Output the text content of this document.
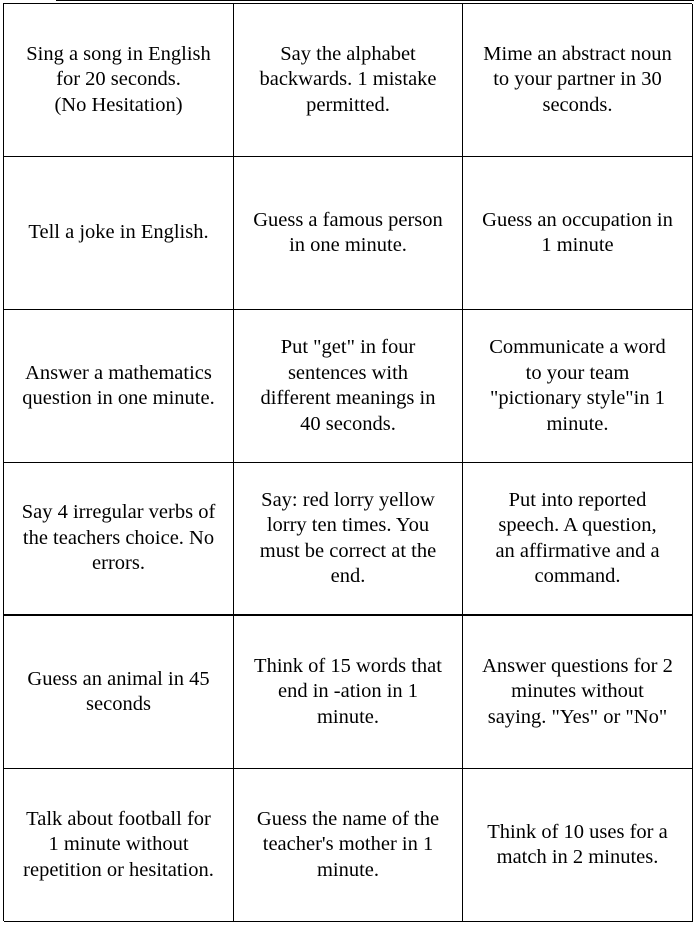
Sing a song in English
for 20 seconds.
(No Hesitation)
Say the alphabet
backwards. 1 mistake
permitted.
Mime an abstract noun
to your partner in 30
seconds.
Tell a joke in English.
Guess a famous person
in one minute.
Guess an occupation in
1 minute
Answer a mathematics
question in one minute.
Put "get" in four
sentences with
different meanings in
40 seconds.
Communicate a word
to your team
"pictionary style"in 1
minute.
Say 4 irregular verbs of
the teachers choice. No
errors.
Say: red lorry yellow
lorry ten times. You
must be correct at the
end.
Put into reported
speech. A question,
an affirmative and a
command.
Guess an animal in 45
seconds
Think of 15 words that
end in -ation in 1
minute.
Answer questions for 2
minutes without
saying. "Yes" or "No"
Talk about football for
1 minute without
repetition or hesitation.
Guess the name of the
teacher's mother in 1
minute.
Think of 10 uses for a
match in 2 minutes.
